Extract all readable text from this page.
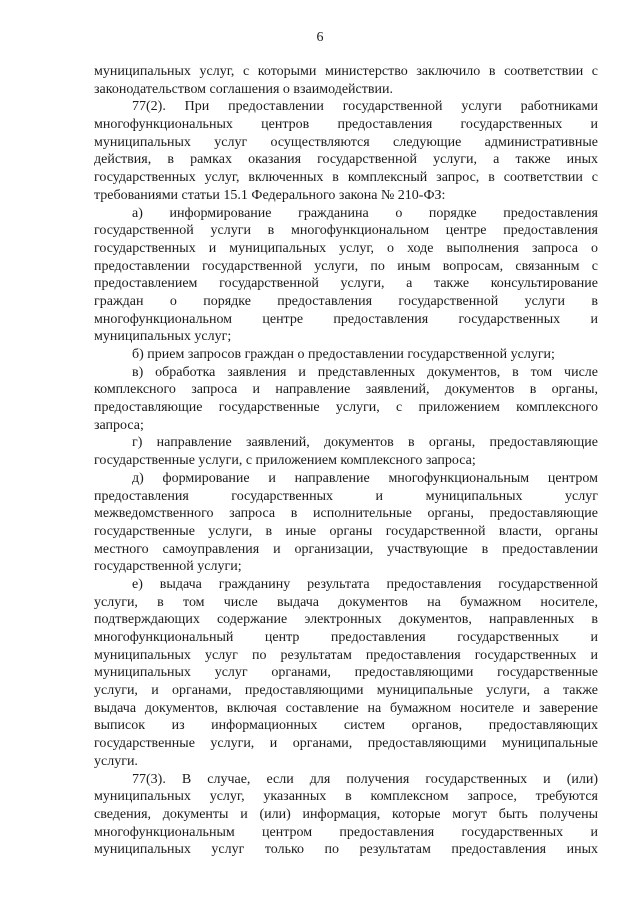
6
муниципальных услуг, с которыми министерство заключило в соответствии с
законодательством соглашения о взаимодействии.
77(2). При предоставлении государственной услуги работниками
многофункциональных центров предоставления государственных и
муниципальных услуг осуществляются следующие административные
действия, в рамках оказания государственной услуги, а также иных
государственных услуг, включенных в комплексный запрос, в соответствии с
требованиями статьи 15.1 Федерального закона № 210-ФЗ:
а) информирование гражданина о порядке предоставления
государственной услуги в многофункциональном центре предоставления
государственных и муниципальных услуг, о ходе выполнения запроса о
предоставлении государственной услуги, по иным вопросам, связанным с
предоставлением государственной услуги, а также консультирование
граждан о порядке предоставления государственной услуги в
многофункциональном центре предоставления государственных и
муниципальных услуг;
б) прием запросов граждан о предоставлении государственной услуги;
в) обработка заявления и представленных документов, в том числе
комплексного запроса и направление заявлений, документов в органы,
предоставляющие государственные услуги, с приложением комплексного
запроса;
г) направление заявлений, документов в органы, предоставляющие
государственные услуги, с приложением комплексного запроса;
д) формирование и направление многофункциональным центром
предоставления государственных и муниципальных услуг
межведомственного запроса в исполнительные органы, предоставляющие
государственные услуги, в иные органы государственной власти, органы
местного самоуправления и организации, участвующие в предоставлении
государственной услуги;
е) выдача гражданину результата предоставления государственной
услуги, в том числе выдача документов на бумажном носителе,
подтверждающих содержание электронных документов, направленных в
многофункциональный центр предоставления государственных и
муниципальных услуг по результатам предоставления государственных и
муниципальных услуг органами, предоставляющими государственные
услуги, и органами, предоставляющими муниципальные услуги, а также
выдача документов, включая составление на бумажном носителе и заверение
выписок из информационных систем органов, предоставляющих
государственные услуги, и органами, предоставляющими муниципальные
услуги.
77(3). В случае, если для получения государственных и (или)
муниципальных услуг, указанных в комплексном запросе, требуются
сведения, документы и (или) информация, которые могут быть получены
многофункциональным центром предоставления государственных и
муниципальных услуг только по результатам предоставления иных
